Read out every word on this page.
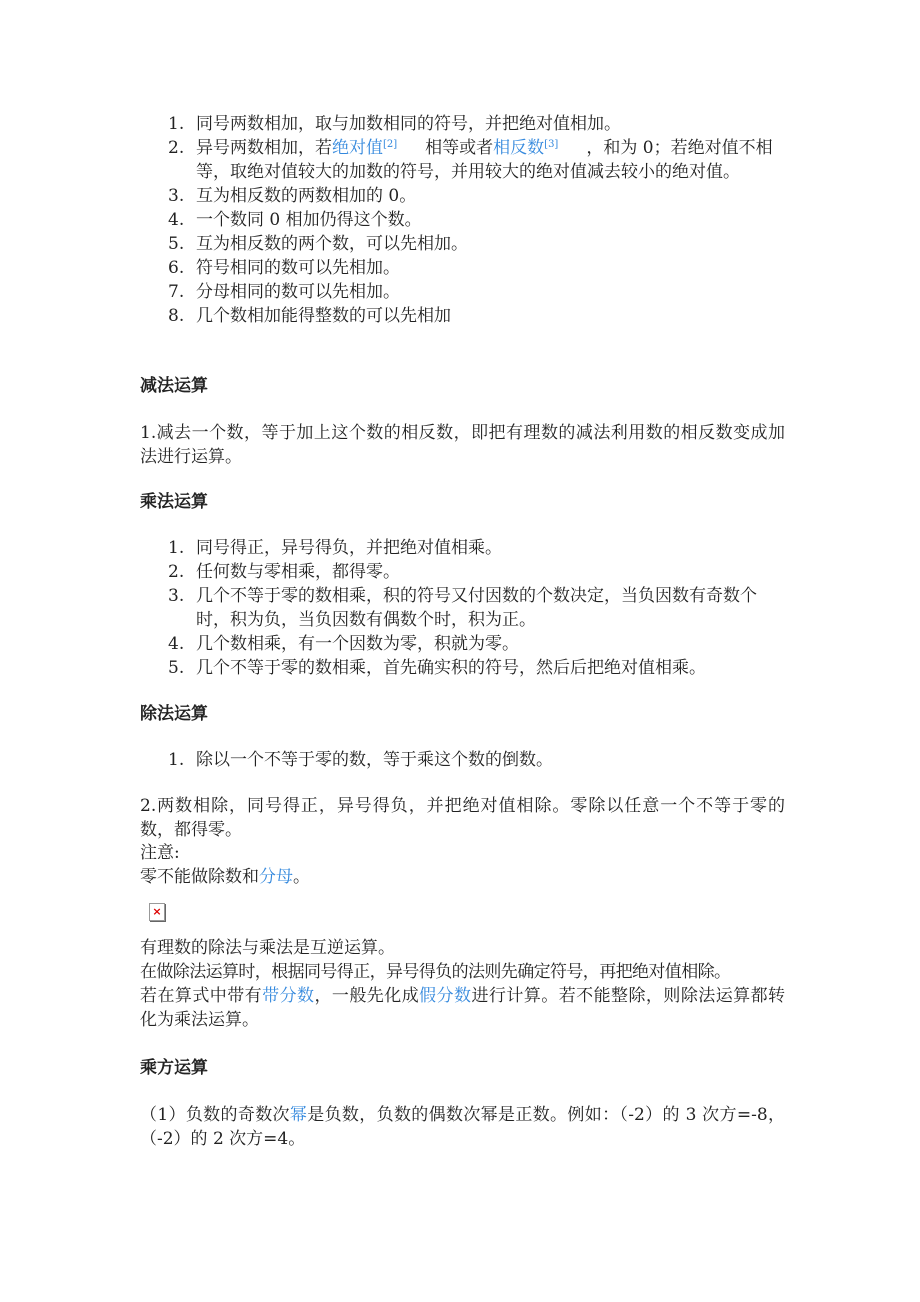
1. 同号两数相加，取与加数相同的符号，并把绝对值相加。
2. 异号两数相加，若绝对值[2] 相等或者相反数[3] ，和为 0；若绝对值不相等，取绝对值较大的加数的符号，并用较大的绝对值减去较小的绝对值。
3. 互为相反数的两数相加的 0。
4. 一个数同 0 相加仍得这个数。
5. 互为相反数的两个数，可以先相加。
6. 符号相同的数可以先相加。
7. 分母相同的数可以先相加。
8. 几个数相加能得整数的可以先相加
减法运算
1.减去一个数，等于加上这个数的相反数，即把有理数的减法利用数的相反数变成加法进行运算。
乘法运算
1. 同号得正，异号得负，并把绝对值相乘。
2. 任何数与零相乘，都得零。
3. 几个不等于零的数相乘，积的符号又付因数的个数决定，当负因数有奇数个时，积为负，当负因数有偶数个时，积为正。
4. 几个数相乘，有一个因数为零，积就为零。
5. 几个不等于零的数相乘，首先确实积的符号，然后后把绝对值相乘。
除法运算
1. 除以一个不等于零的数，等于乘这个数的倒数。
2.两数相除，同号得正，异号得负，并把绝对值相除。零除以任意一个不等于零的数，都得零。
注意:
零不能做除数和分母。
×
有理数的除法与乘法是互逆运算。
在做除法运算时，根据同号得正，异号得负的法则先确定符号，再把绝对值相除。
若在算式中带有带分数，一般先化成假分数进行计算。若不能整除，则除法运算都转化为乘法运算。
乘方运算
（1）负数的奇数次幂是负数，负数的偶数次幂是正数。例如：（-2）的 3 次方=-8，（-2）的 2 次方=4。
